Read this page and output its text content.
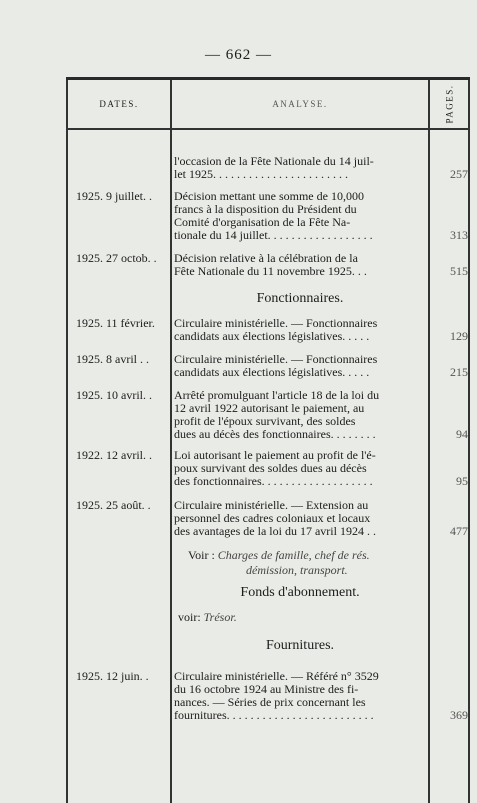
— 662 —
DATES.	ANALYSE.	PAGES.
l'occasion de la Fête Nationale du 14 juil-
let 1925. . . . . . . . . . . . . . . . . . . . . . .	257
1925. 9 juillet. .	Décision mettant une somme de 10,000
francs à la disposition du Président du
Comité d'organisation de la Fête Na-
tionale du 14 juillet. . . . . . . . . . . . . . . . . .	313
1925. 27 octob. .	Décision relative à la célébration de la
Fête Nationale du 11 novembre 1925. . .	515
Fonctionnaires.
1925. 11 février.	Circulaire ministérielle. — Fonctionnaires
candidats aux élections législatives. . . . .	129
1925. 8 avril . .	Circulaire ministérielle. — Fonctionnaires
candidats aux élections législatives. . . . .	215
1925. 10 avril. .	Arrêté promulguant l'article 18 de la loi du
12 avril 1922 autorisant le paiement, au
profit de l'époux survivant, des soldes
dues au décès des fonctionnaires. . . . . . . .	94
1922. 12 avril. .	Loi autorisant le paiement au profit de l'é-
poux survivant des soldes dues au décès
des fonctionnaires. . . . . . . . . . . . . . . . . . .	95
1925. 25 août. .	Circulaire ministérielle. — Extension au
personnel des cadres coloniaux et locaux
des avantages de la loi du 17 avril 1924 . .	477
Voir : Charges de famille, chef de rés.
démission, transport.
Fonds d'abonnement.
voir: Trésor.
Fournitures.
1925. 12 juin. .	Circulaire ministérielle. — Référé n° 3529
du 16 octobre 1924 au Ministre des fi-
nances. — Séries de prix concernant les
fournitures. . . . . . . . . . . . . . . . . . . . . . . . .	369
